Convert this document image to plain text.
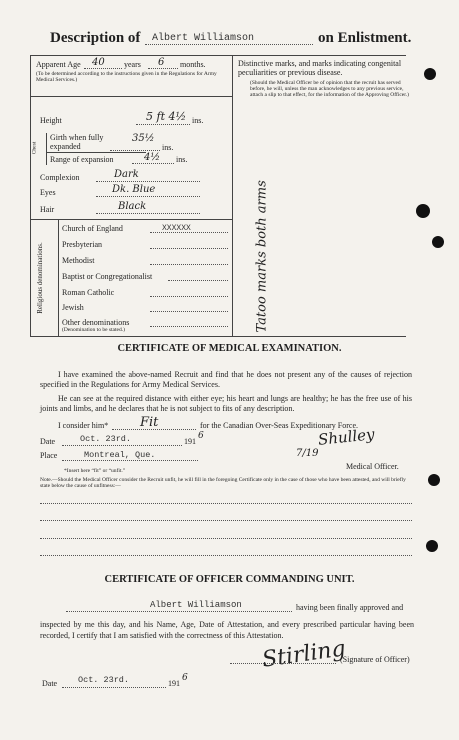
Description of Albert Williamson	on Enlistment.
Apparent Age 40 years 6 months.
(To be determined according to the instructions given in the Regulations for Army Medical Services.)
Height	5 ft 4½ ins.
Chest
Girth when fully expanded
35½
ins.
Range of expansion	4½ ins.
Complexion	Dark
Eyes	Dk. Blue
Hair	Black
Religious denominations.
Church of England	XXXXXX
Presbyterian
Methodist
Baptist or Congregationalist
Roman Catholic
Jewish
Other denominations
(Denomination to be stated.)
Distinctive marks, and marks indicating congenital peculiarities or previous disease.
(Should the Medical Officer be of opinion that the recruit has served before, he will, unless the man acknowledges to any previous service, attach a slip to that effect, for the information of the Approving Officer.)
Tatoo marks both arms
CERTIFICATE OF MEDICAL EXAMINATION.
I have examined the above-named Recruit and find that he does not present any of the causes of rejection specified in the Regulations for Army Medical Services.
He can see at the required distance with either eye; his heart and lungs are healthy; he has the free use of his joints and limbs, and he declares that he is not subject to fits of any description.
I consider him* Fit	for the Canadian Over-Seas Expeditionary Force.
Date	Oct. 23rd.	191
6	Shulley
Place	Montreal, Que.	7/19
Medical Officer.
*Insert here “fit” or “unfit.”
Note.—Should the Medical Officer consider the Recruit unfit, he will fill in the foregoing Certificate only in the case of those who have been attested, and will briefly state below the cause of unfitness:—
CERTIFICATE OF OFFICER COMMANDING UNIT.
Albert Williamson	having been finally approved and
inspected by me this day, and his Name, Age, Date of Attestation, and every prescribed particular having been recorded, I certify that I am satisfied with the correctness of this Attestation.
Stirling
(Signature of Officer)
Date Oct. 23rd.	191
6
